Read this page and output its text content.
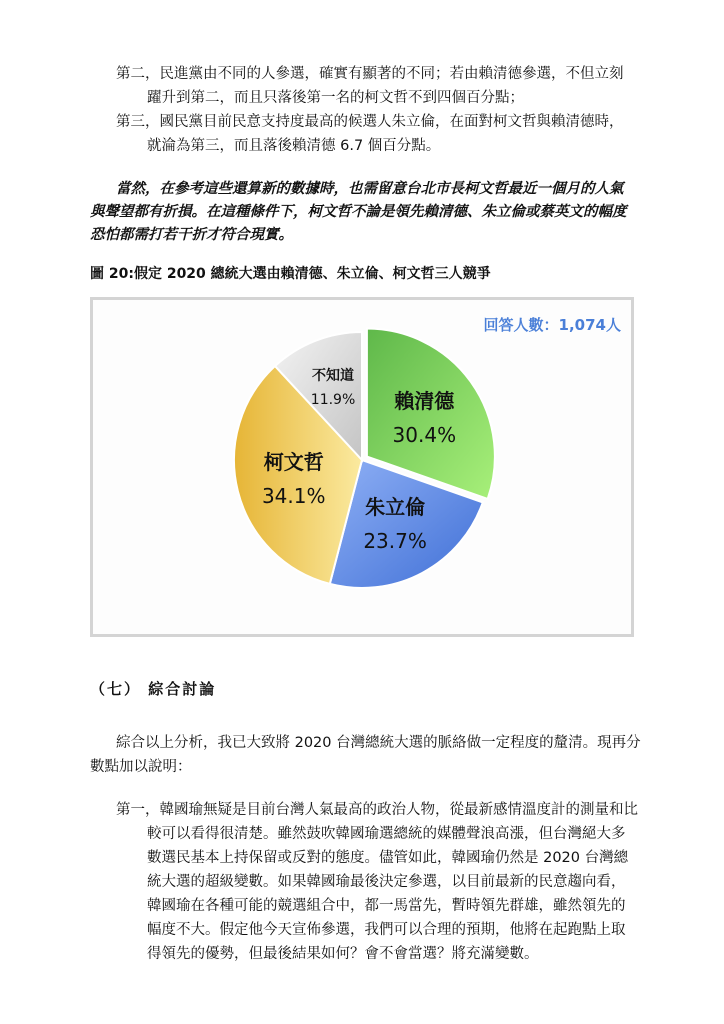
第二，民進黨由不同的人參選，確實有顯著的不同；若由賴清德參選，不但立刻
躍升到第二，而且只落後第一名的柯文哲不到四個百分點；
第三，國民黨目前民意支持度最高的候選人朱立倫，在面對柯文哲與賴清德時，
就淪為第三，而且落後賴清德 6.7 個百分點。
當然，在參考這些還算新的數據時，也需留意台北市長柯文哲最近一個月的人氣
與聲望都有折損。在這種條件下，柯文哲不論是領先賴清德、朱立倫或蔡英文的幅度
恐怕都需打若干折才符合現實。
圖 20:假定 2020 總統大選由賴清德、朱立倫、柯文哲三人競爭
回答人數：1,074人
賴清德
30.4%
朱立倫
23.7%
柯文哲
34.1%
不知道
11.9%
（七） 綜合討論
綜合以上分析，我已大致將 2020 台灣總統大選的脈絡做一定程度的釐清。現再分
數點加以說明：
第一，韓國瑜無疑是目前台灣人氣最高的政治人物，從最新感情溫度計的測量和比
較可以看得很清楚。雖然鼓吹韓國瑜選總統的媒體聲浪高漲，但台灣絕大多
數選民基本上持保留或反對的態度。儘管如此，韓國瑜仍然是 2020 台灣總
統大選的超級變數。如果韓國瑜最後決定參選，以目前最新的民意趨向看，
韓國瑜在各種可能的競選組合中，都一馬當先，暫時領先群雄，雖然領先的
幅度不大。假定他今天宣佈參選，我們可以合理的預期，他將在起跑點上取
得領先的優勢，但最後結果如何？會不會當選？將充滿變數。
